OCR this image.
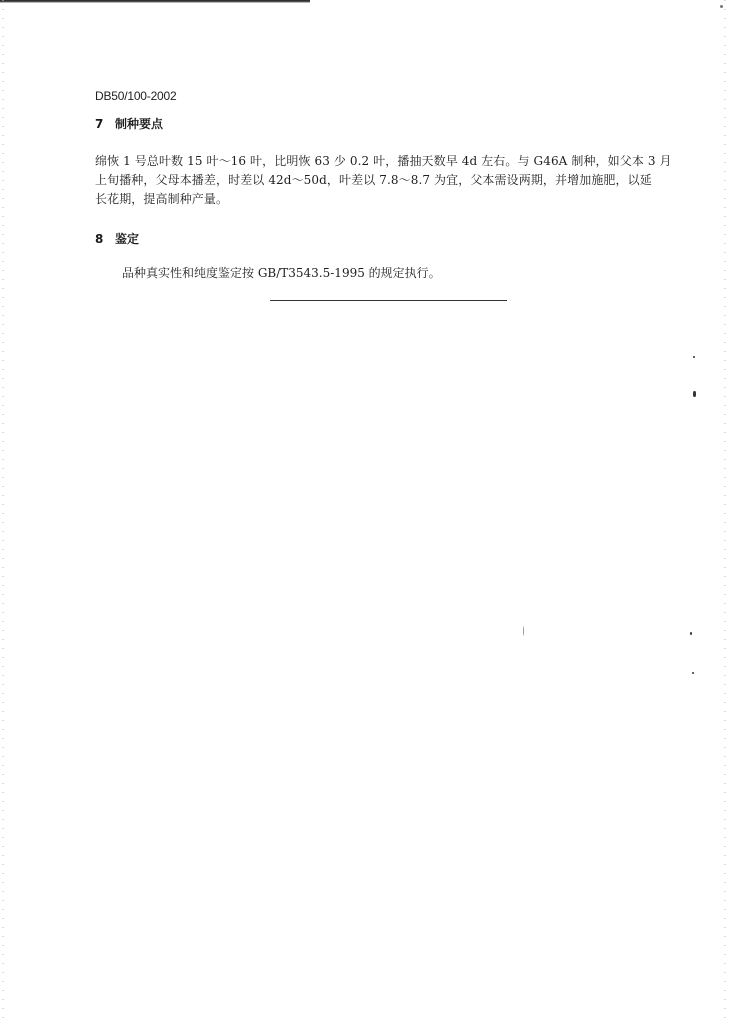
DB50/100-2002
7 制种要点
绵恢 1 号总叶数 15 叶～16 叶，比明恢 63 少 0.2 叶，播抽天数早 4d 左右。与 G46A 制种，如父本 3 月
上旬播种，父母本播差，时差以 42d～50d，叶差以 7.8～8.7 为宜，父本需设两期，并增加施肥，以延
长花期，提高制种产量。
8 鉴定
品种真实性和纯度鉴定按 GB/T3543.5-1995 的规定执行。
